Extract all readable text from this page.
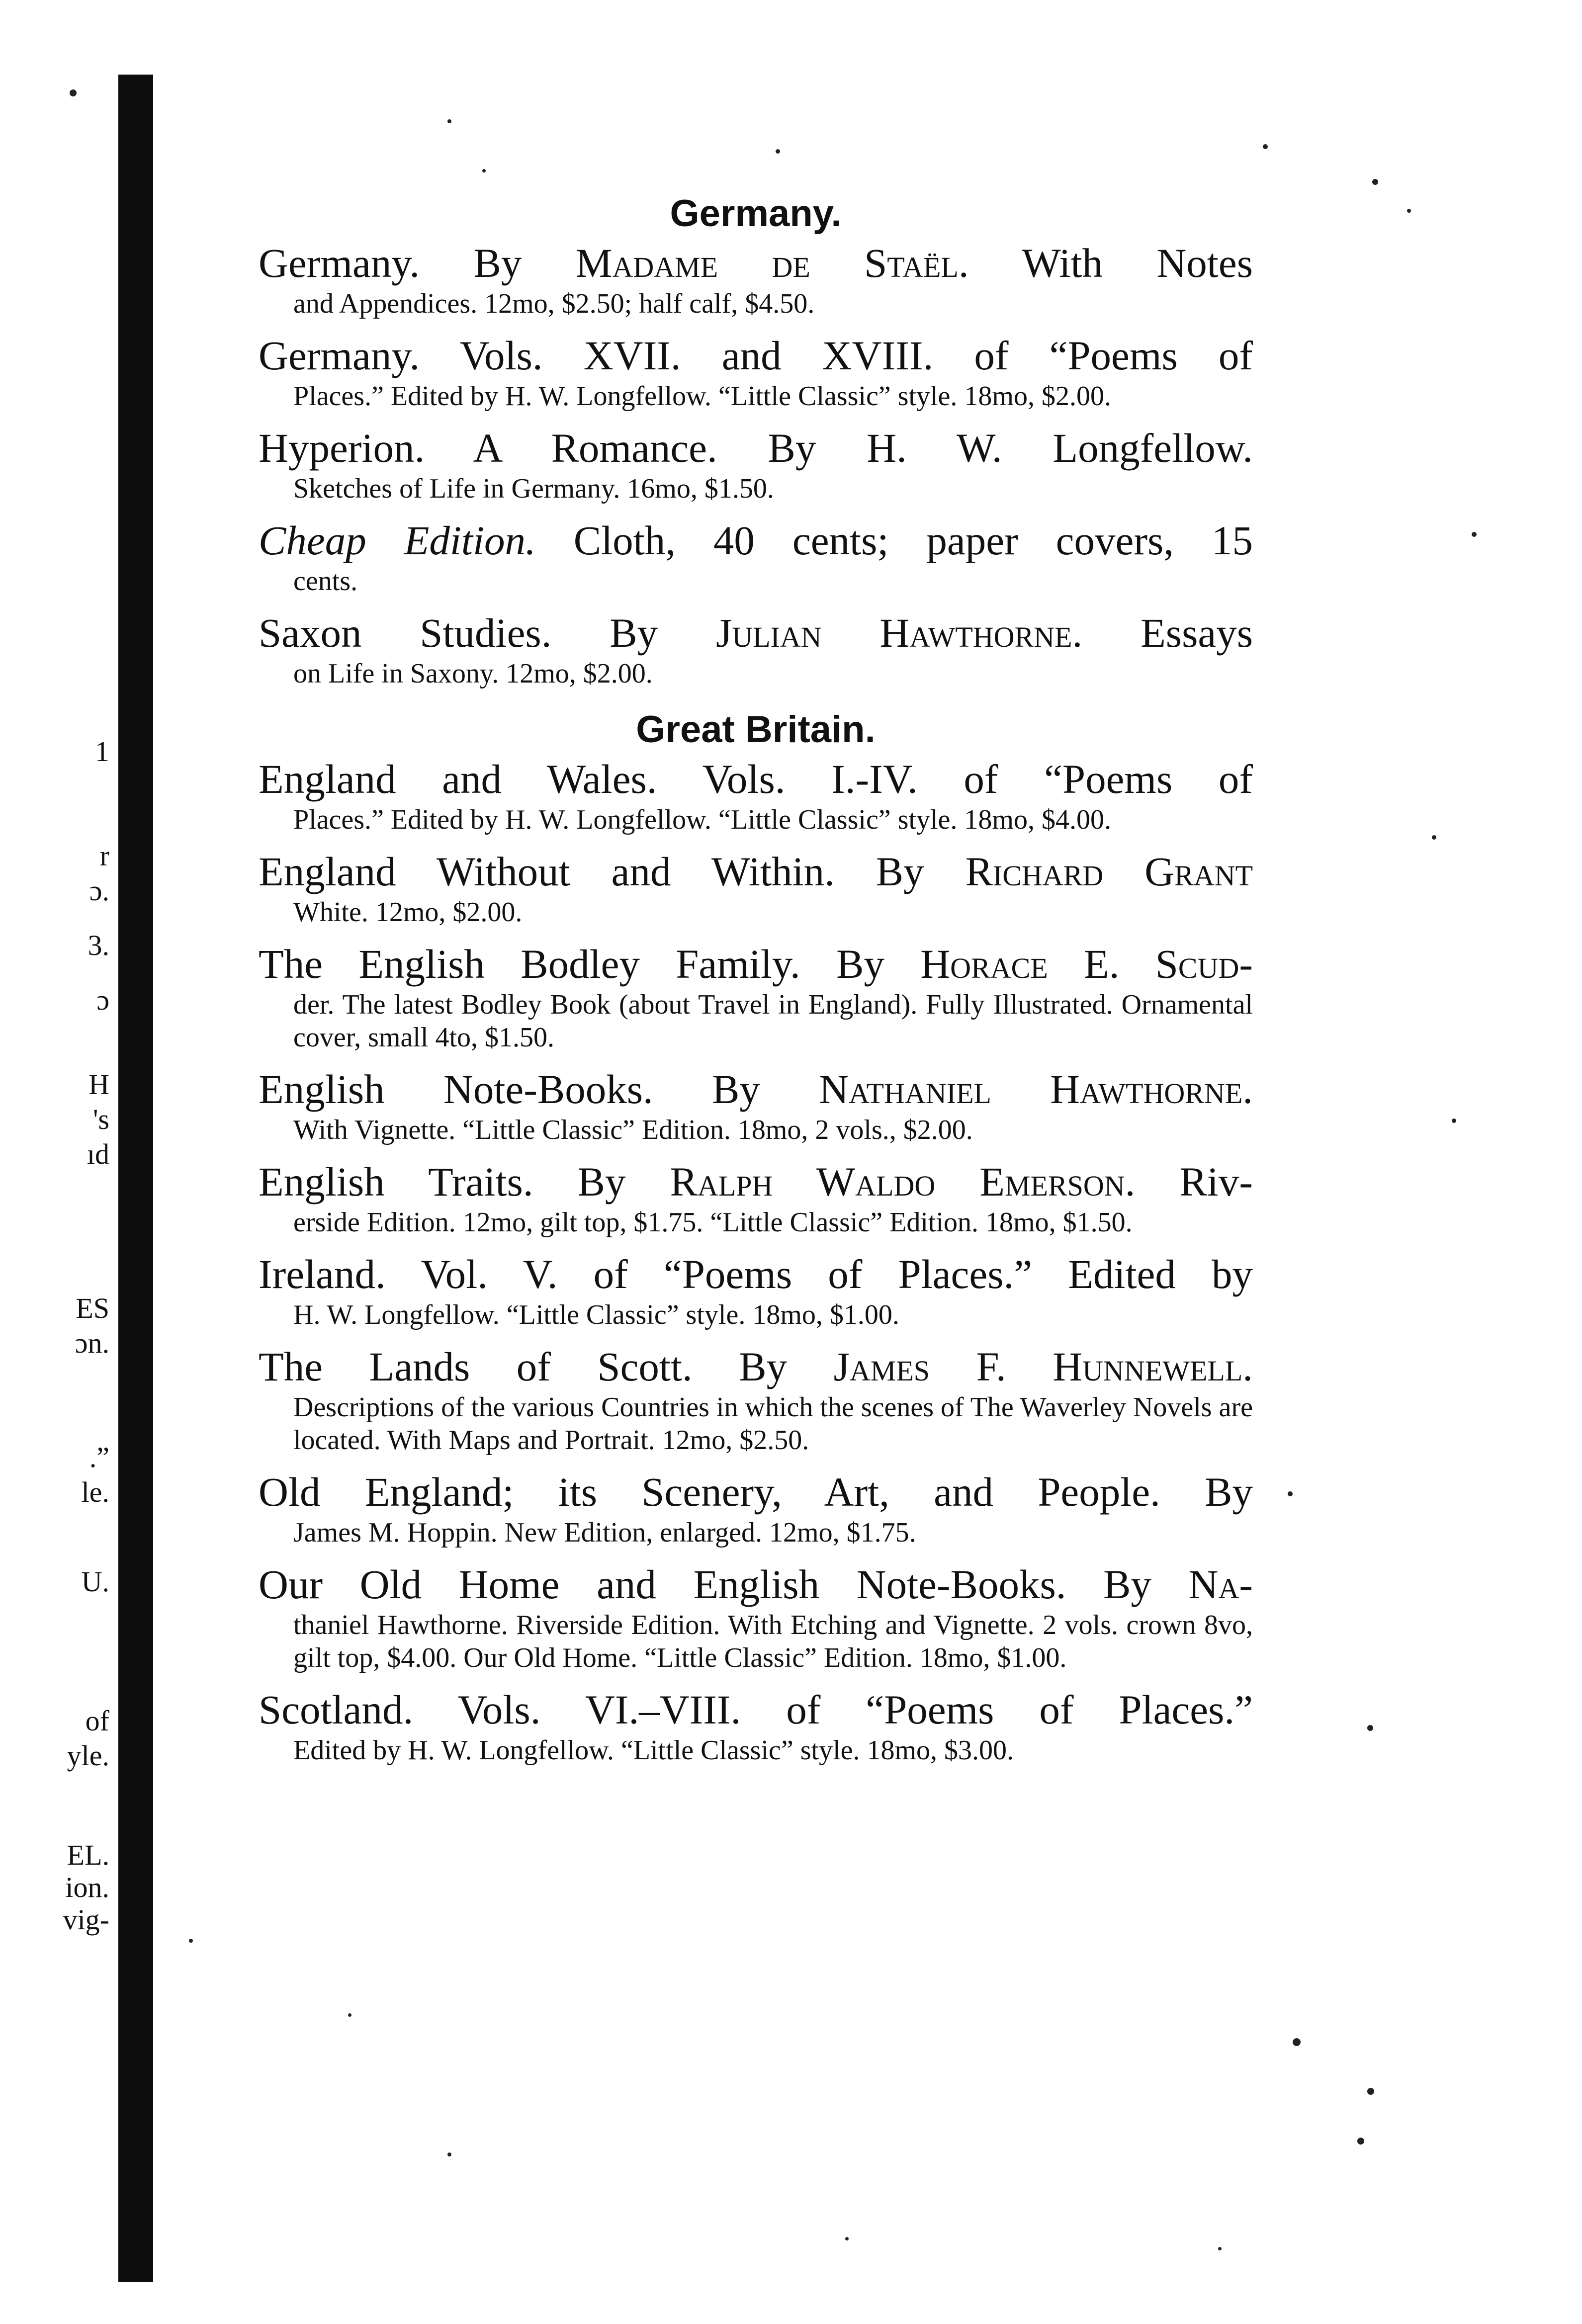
1
r
ɔ.
3.
ɔ
H
's
ıd
ES
ɔn.
.”
le.
U.
of
yle.
EL.
ion.
vig-
Germany.
Germany. By Madame de Staël. With Notes
and Appendices. 12mo, $2.50; half calf, $4.50.
Germany. Vols. XVII. and XVIII. of “Poems of
Places.” Edited by H. W. Longfellow. “Little Classic” style. 18mo, $2.00.
Hyperion. A Romance. By H. W. Longfellow.
Sketches of Life in Germany. 16mo, $1.50.
Cheap Edition. Cloth, 40 cents; paper covers, 15
cents.
Saxon Studies. By Julian Hawthorne. Essays
on Life in Saxony. 12mo, $2.00.
Great Britain.
England and Wales. Vols. I.-IV. of “Poems of
Places.” Edited by H. W. Longfellow. “Little Classic” style. 18mo, $4.00.
England Without and Within. By Richard Grant
White. 12mo, $2.00.
The English Bodley Family. By Horace E. Scud-
der. The latest Bodley Book (about Travel in England). Fully Illustrated. Ornamental cover, small 4to, $1.50.
English Note-Books. By Nathaniel Hawthorne.
With Vignette. “Little Classic” Edition. 18mo, 2 vols., $2.00.
English Traits. By Ralph Waldo Emerson. Riv-
erside Edition. 12mo, gilt top, $1.75. “Little Classic” Edition. 18mo, $1.50.
Ireland. Vol. V. of “Poems of Places.” Edited by
H. W. Longfellow. “Little Classic” style. 18mo, $1.00.
The Lands of Scott. By James F. Hunnewell.
Descriptions of the various Countries in which the scenes of The Waverley Novels are located. With Maps and Portrait. 12mo, $2.50.
Old England; its Scenery, Art, and People. By
James M. Hoppin. New Edition, enlarged. 12mo, $1.75.
Our Old Home and English Note-Books. By Na-
thaniel Hawthorne. Riverside Edition. With Etching and Vignette. 2 vols. crown 8vo, gilt top, $4.00. Our Old Home. “Little Classic” Edition. 18mo, $1.00.
Scotland. Vols. VI.–VIII. of “Poems of Places.”
Edited by H. W. Longfellow. “Little Classic” style. 18mo, $3.00.
